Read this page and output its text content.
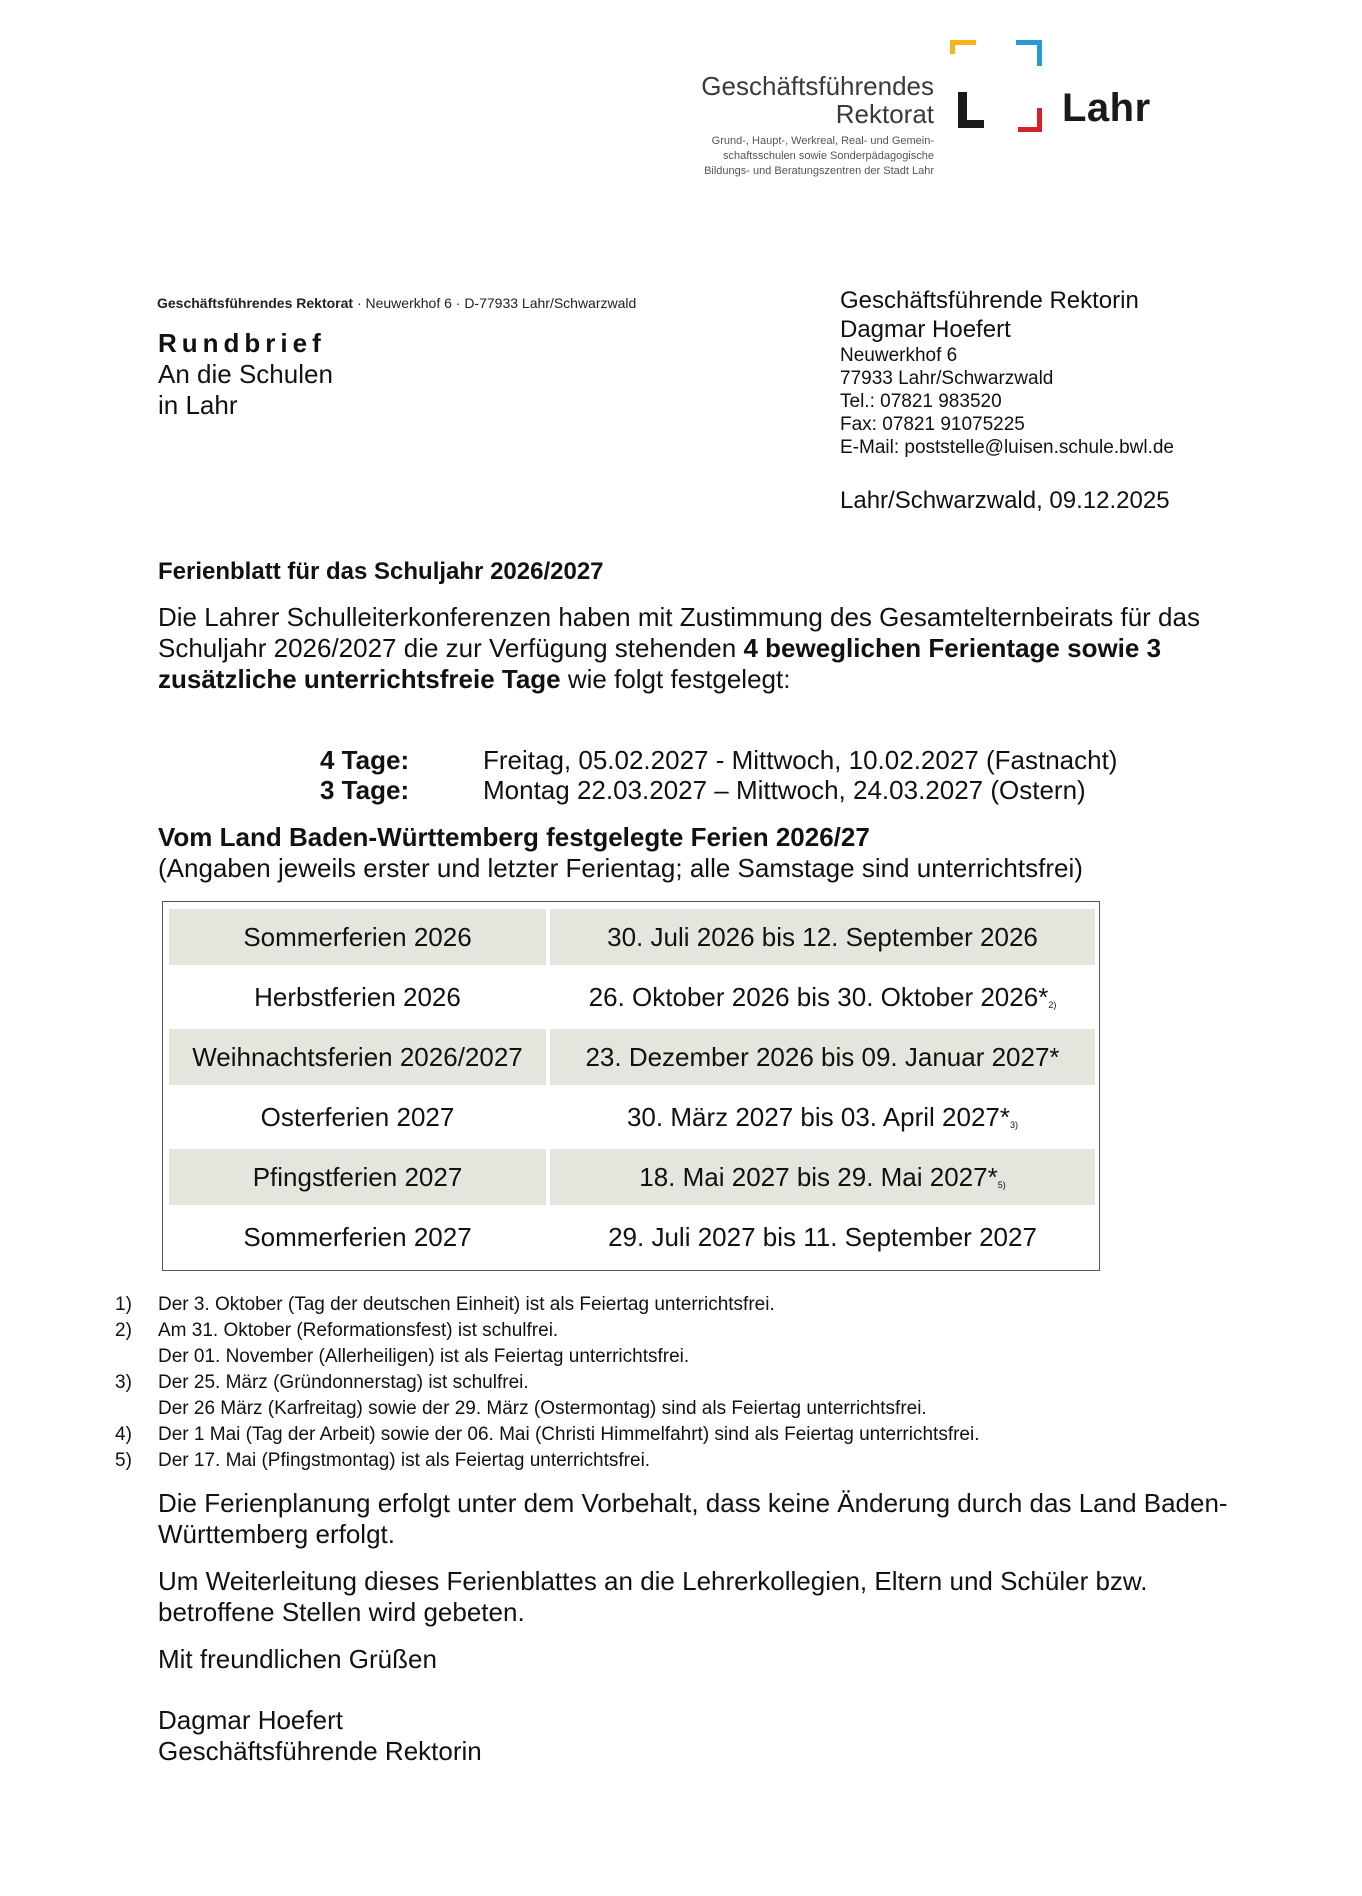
Geschäftsführendes
Rektorat
Grund-, Haupt-, Werkreal, Real- und Gemein-
schaftsschulen sowie Sonderpädagogische
Bildungs- und Beratungszentren der Stadt Lahr
Lahr
Geschäftsführendes Rektorat · Neuwerkhof 6 · D-77933 Lahr/Schwarzwald
Rundbrief
An die Schulen
in Lahr
Geschäftsführende Rektorin
Dagmar Hoefert
Neuwerkhof 6
77933 Lahr/Schwarzwald
Tel.: 07821 983520
Fax: 07821 91075225
E-Mail: poststelle@luisen.schule.bwl.de
Lahr/Schwarzwald, 09.12.2025
Ferienblatt für das Schuljahr 2026/2027
Die Lahrer Schulleiterkonferenzen haben mit Zustimmung des Gesamtelternbeirats für das Schuljahr 2026/2027 die zur Verfügung stehenden 4 beweglichen Ferientage sowie 3 zusätzliche unterrichtsfreie Tage wie folgt festgelegt:
4 Tage:	Freitag, 05.02.2027 - Mittwoch, 10.02.2027 (Fastnacht)
3 Tage:	Montag 22.03.2027 – Mittwoch, 24.03.2027 (Ostern)
Vom Land Baden-Württemberg festgelegte Ferien 2026/27
(Angaben jeweils erster und letzter Ferientag; alle Samstage sind unterrichtsfrei)
Sommerferien 2026	30. Juli 2026 bis 12. September 2026
Herbstferien 2026	26. Oktober 2026 bis 30. Oktober $2026*_{2)}$
Weihnachtsferien 2026/2027	23. Dezember 2026 bis 09. Januar 2027*
Osterferien 2027	30. März 2027 bis 03. April $2027*_{3)}$
Pfingstferien 2027	18. Mai 2027 bis 29. Mai $2027*_{5)}$
Sommerferien 2027	29. Juli 2027 bis 11. September 2027
1)	Der 3. Oktober (Tag der deutschen Einheit) ist als Feiertag unterrichtsfrei.
2)	Am 31. Oktober (Reformationsfest) ist schulfrei.
Der 01. November (Allerheiligen) ist als Feiertag unterrichtsfrei.
3)	Der 25. März (Gründonnerstag) ist schulfrei.
Der 26 März (Karfreitag) sowie der 29. März (Ostermontag) sind als Feiertag unterrichtsfrei.
4)	Der 1 Mai (Tag der Arbeit) sowie der 06. Mai (Christi Himmelfahrt) sind als Feiertag unterrichtsfrei.
5)	Der 17. Mai (Pfingstmontag) ist als Feiertag unterrichtsfrei.
Die Ferienplanung erfolgt unter dem Vorbehalt, dass keine Änderung durch das Land Baden-Württemberg erfolgt.
Um Weiterleitung dieses Ferienblattes an die Lehrerkollegien, Eltern und Schüler bzw. betroffene Stellen wird gebeten.
Mit freundlichen Grüßen
Dagmar Hoefert
Geschäftsführende Rektorin
